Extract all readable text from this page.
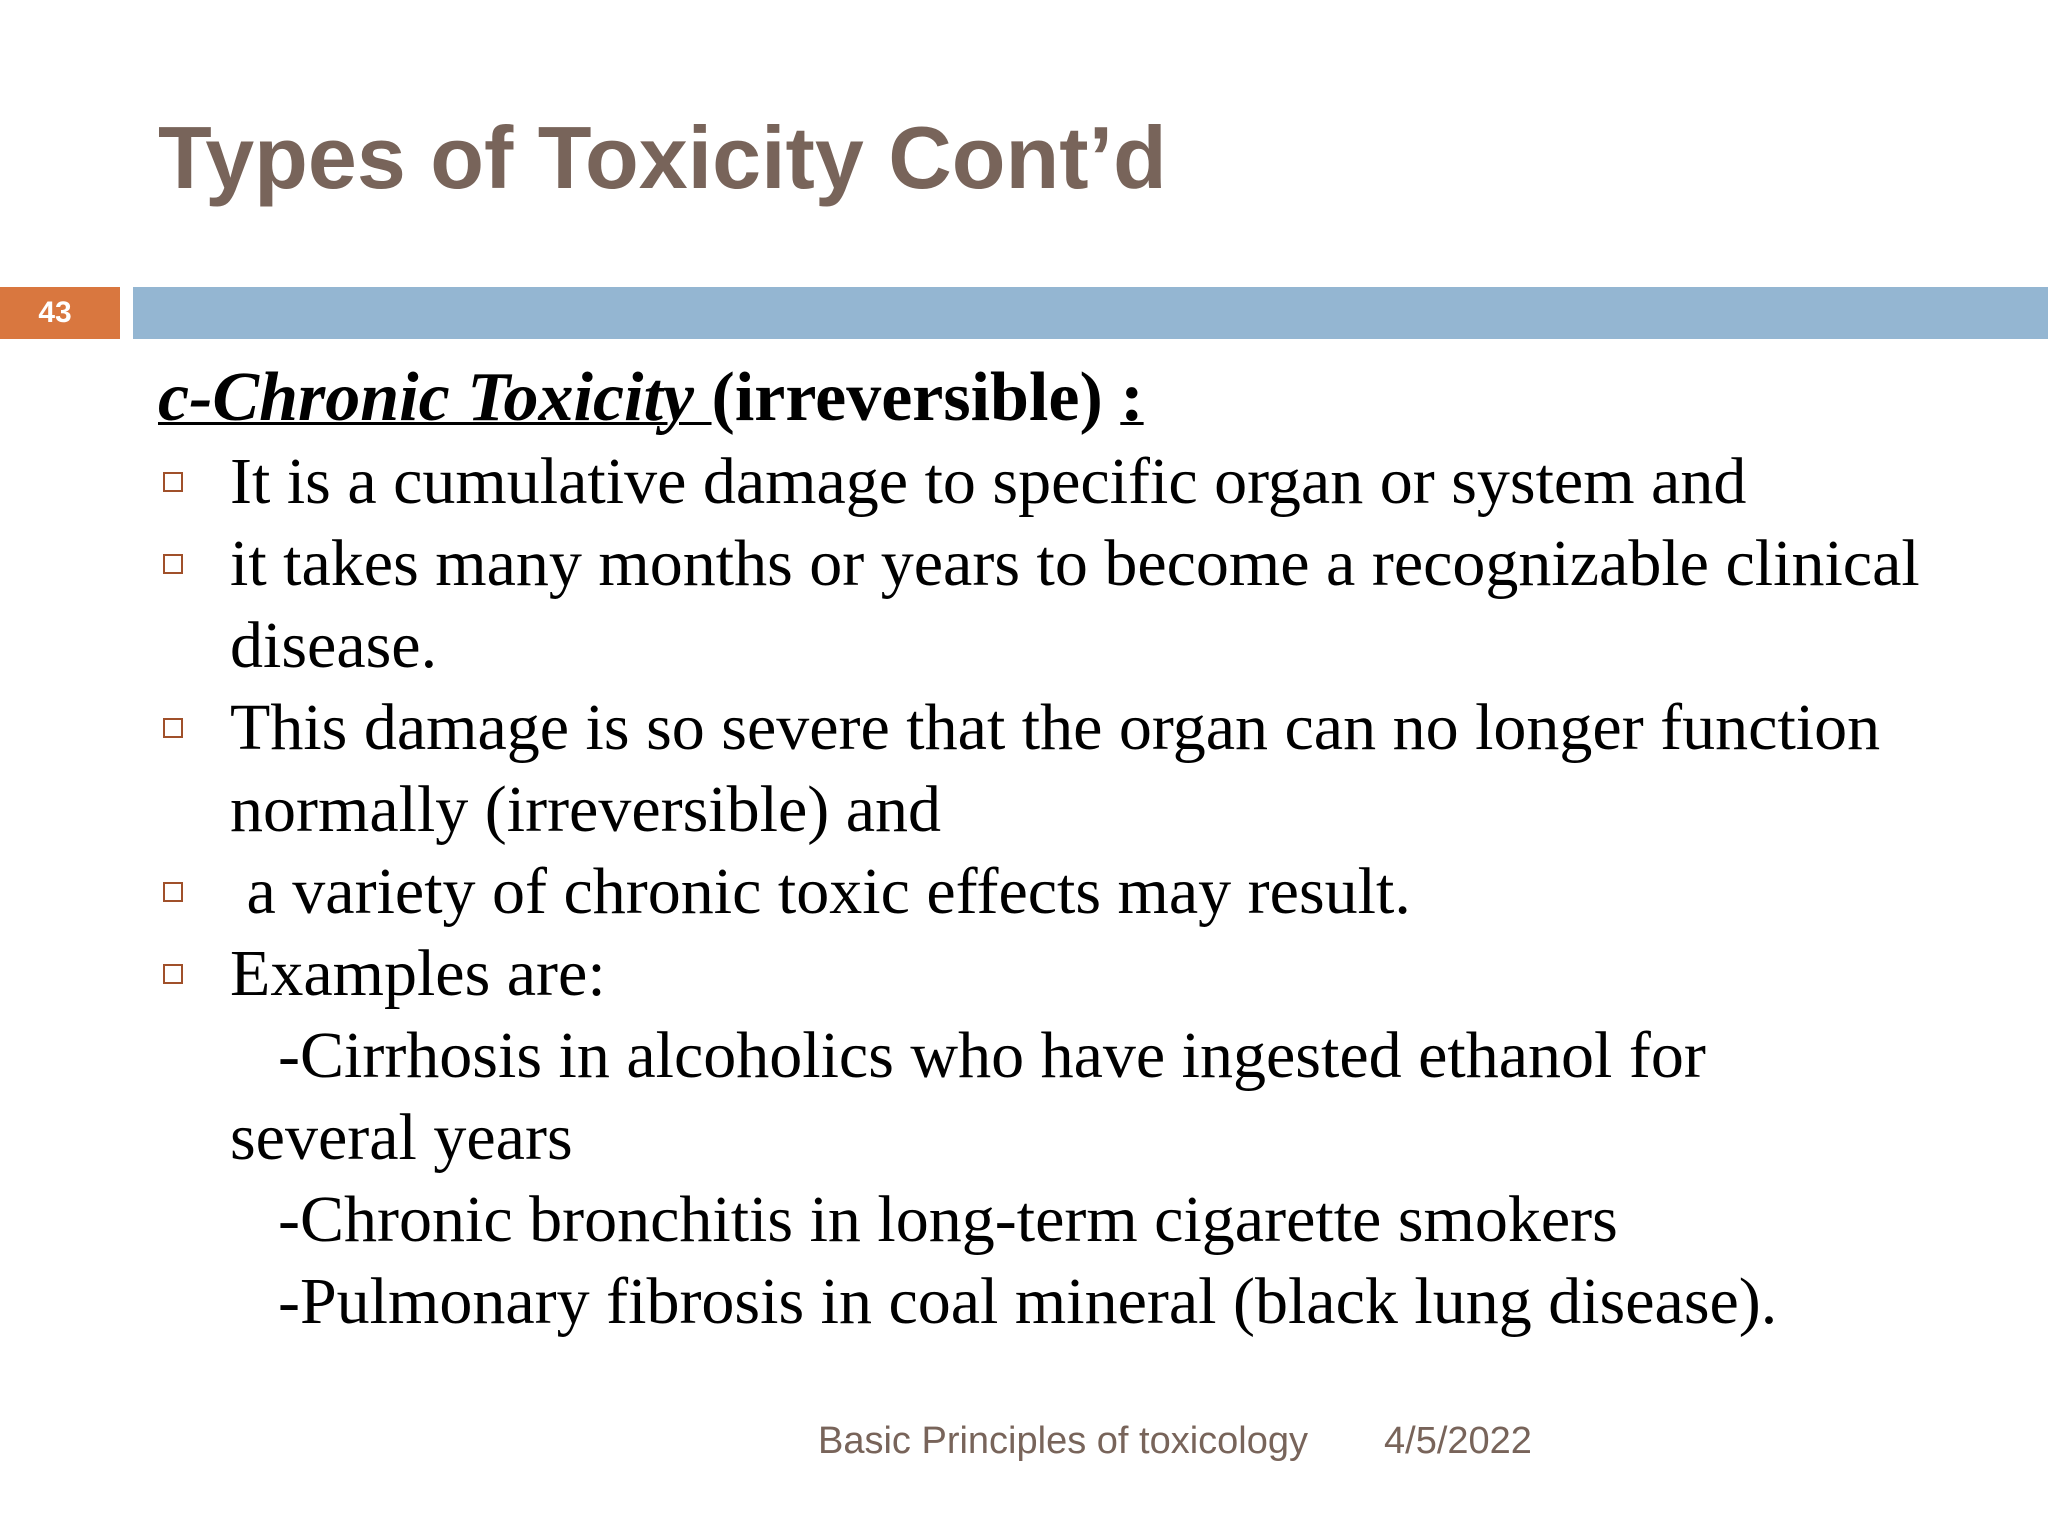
Types of Toxicity Cont’d
43
c-Chronic Toxicity (irreversible) :
It is a cumulative damage to specific organ or system and
it takes many months or years to become a recognizable clinical disease.
This damage is so severe that the organ can no longer function normally (irreversible) and
a variety of chronic toxic effects may result.
Examples are:
-Cirrhosis in alcoholics who have ingested ethanol for
several years
-Chronic bronchitis in long-term cigarette smokers
-Pulmonary fibrosis in coal mineral (black lung disease).
Basic Principles of toxicology 4/5/2022
